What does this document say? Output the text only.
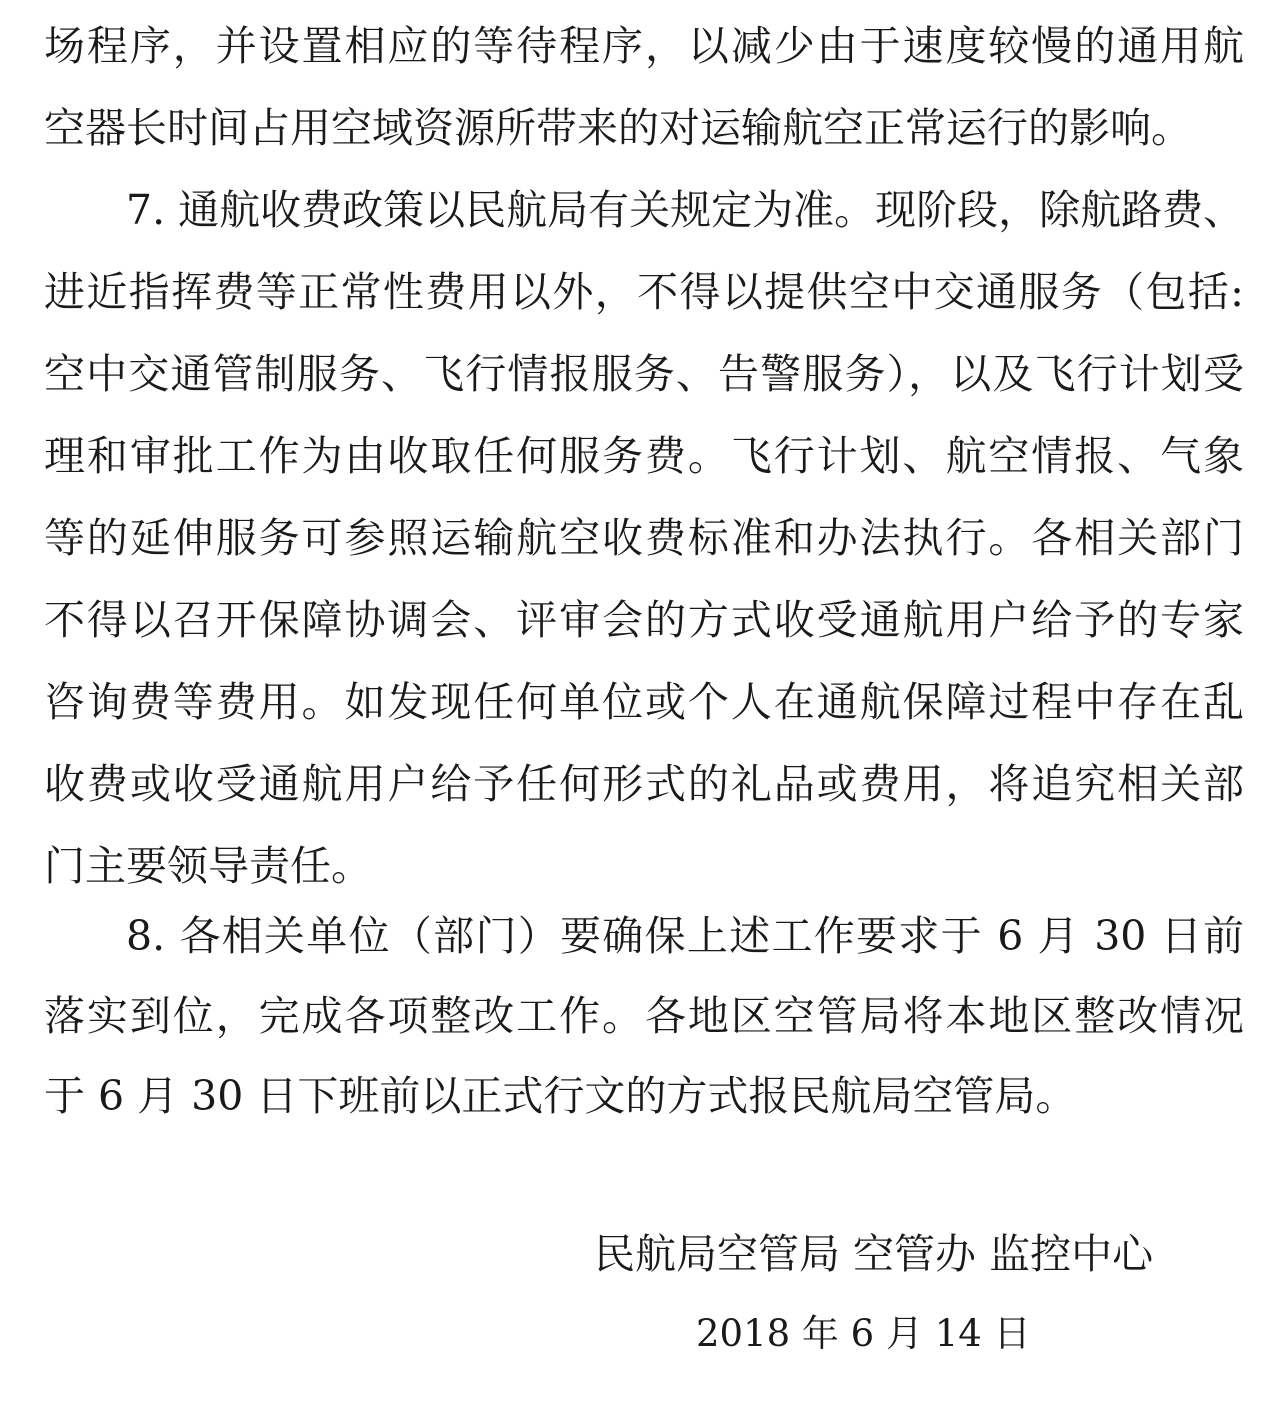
场程序，并设置相应的等待程序，以减少由于速度较慢的通用航
空器长时间占用空域资源所带来的对运输航空正常运行的影响。
7. 通航收费政策以民航局有关规定为准。现阶段，除航路费、
进近指挥费等正常性费用以外，不得以提供空中交通服务（包括:
空中交通管制服务、飞行情报服务、告警服务），以及飞行计划受
理和审批工作为由收取任何服务费。飞行计划、航空情报、气象
等的延伸服务可参照运输航空收费标准和办法执行。各相关部门
不得以召开保障协调会、评审会的方式收受通航用户给予的专家
咨询费等费用。如发现任何单位或个人在通航保障过程中存在乱
收费或收受通航用户给予任何形式的礼品或费用，将追究相关部
门主要领导责任。
8. 各相关单位（部门）要确保上述工作要求于 6 月 30 日前
落实到位，完成各项整改工作。各地区空管局将本地区整改情况
于 6 月 30 日下班前以正式行文的方式报民航局空管局。
民航局空管局 空管办 监控中心
2018 年 6 月 14 日
